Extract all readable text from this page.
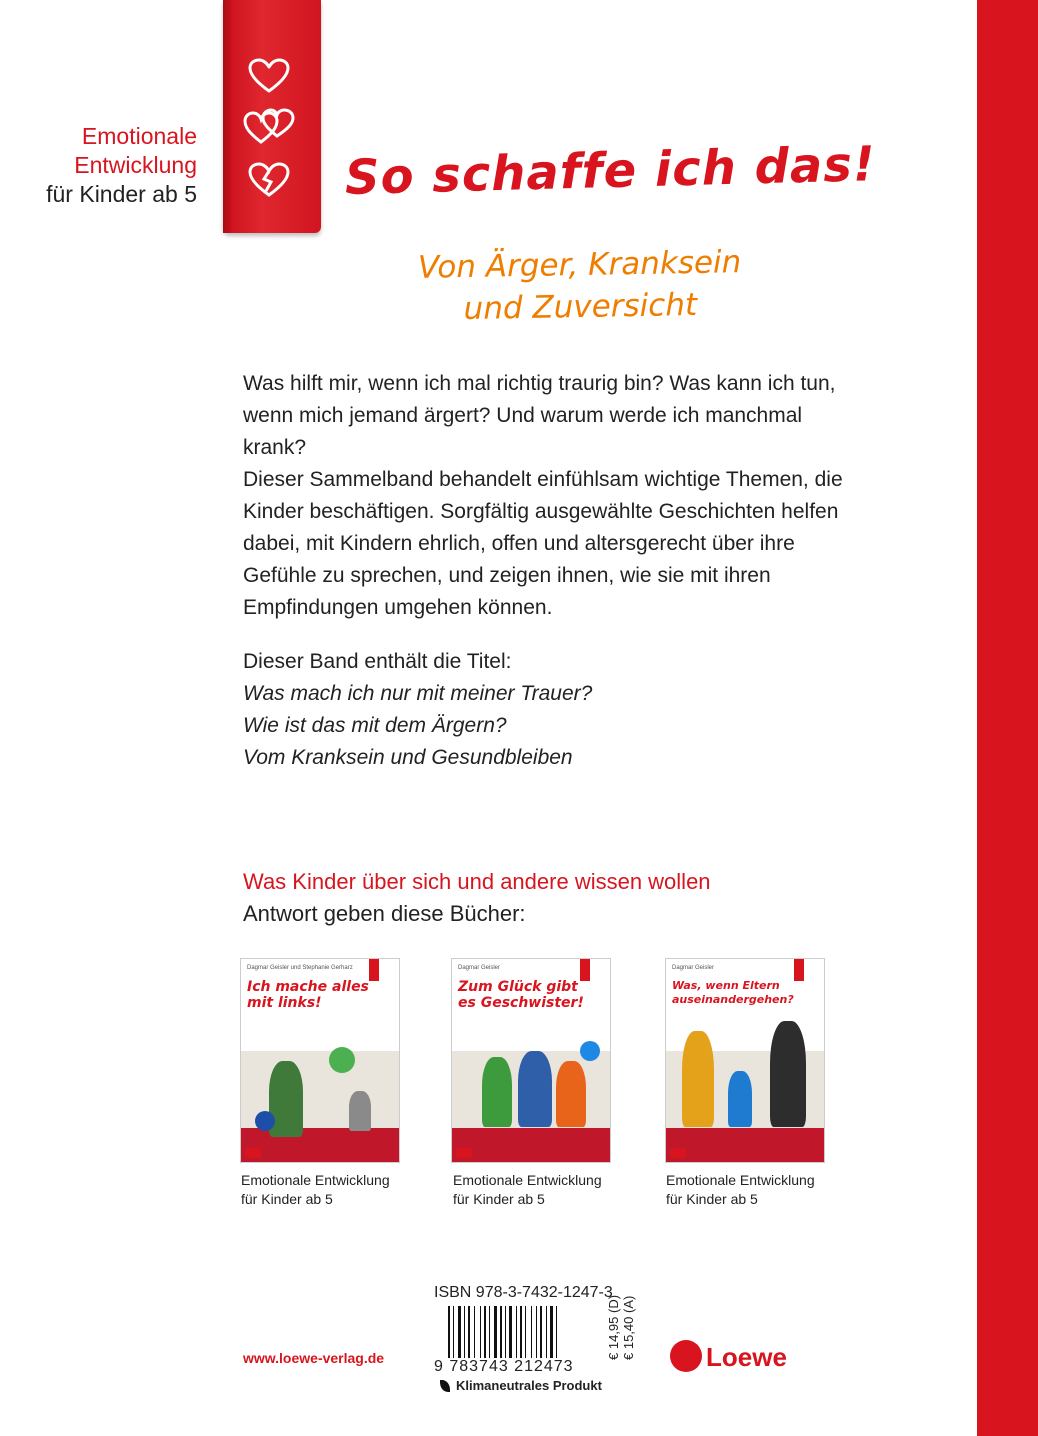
Emotionale
Entwicklung
für Kinder ab 5	So schaffe ich das!
Von Ärger, Kranksein
und Zuversicht

Was hilft mir, wenn ich mal richtig traurig bin? Was kann ich tun, wenn mich jemand ärgert? Und warum werde ich manchmal krank?

Dieser Sammelband behandelt einfühlsam wichtige Themen, die Kinder beschäftigen. Sorgfältig ausgewählte Geschichten helfen dabei, mit Kindern ehrlich, offen und altersgerecht über ihre Gefühle zu sprechen, und zeigen ihnen, wie sie mit ihren Empfindungen umgehen können.

Dieser Band enthält die Titel:
Was mach ich nur mit meiner Trauer?
Wie ist das mit dem Ärgern?
Vom Kranksein und Gesundbleiben
Was Kinder über sich und andere wissen wollen
Antwort geben diese Bücher:
Dagmar Geisler und Stephanie Gerharz
Ich mache alles mit links!
Emotionale Entwicklung
für Kinder ab 5
Dagmar Geisler
Zum Glück gibt es Geschwister!
Emotionale Entwicklung
für Kinder ab 5
Dagmar Geisler
Was, wenn Eltern auseinandergehen?
Emotionale Entwicklung
für Kinder ab 5
ISBN 978-3-7432-1247-3
9 783743 212473
€ 14,95 (D) € 15,40 (A)
Klimaneutrales Produkt
www.loewe-verlag.de	Loewe
